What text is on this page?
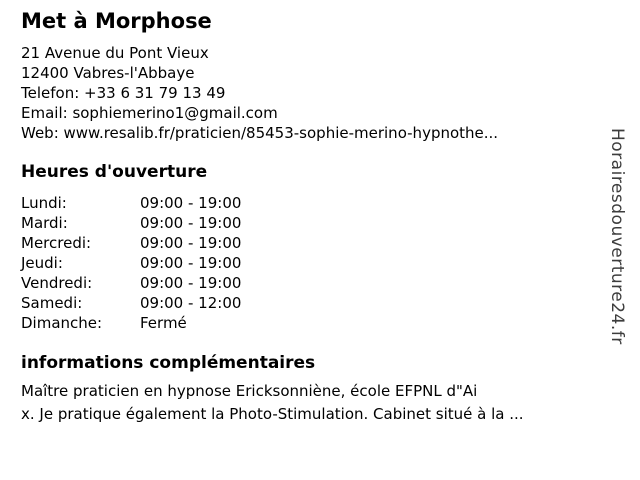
Met à Morphose
21 Avenue du Pont Vieux
12400 Vabres-l'Abbaye
Telefon: +33 6 31 79 13 49
Email: sophiemerino1@gmail.com
Web: www.resalib.fr/praticien/85453-sophie-merino-hypnothe...
Heures d'ouverture
Lundi:	09:00 - 19:00
Mardi:	09:00 - 19:00
Mercredi:	09:00 - 19:00
Jeudi:	09:00 - 19:00
Vendredi:	09:00 - 19:00
Samedi:	09:00 - 12:00
Dimanche:	Fermé
informations complémentaires
Maître praticien en hypnose Ericksonniène, école EFPNL d"Ai
x. Je pratique également la Photo-Stimulation. Cabinet situé à la ...
Horairesdouverture24.fr
